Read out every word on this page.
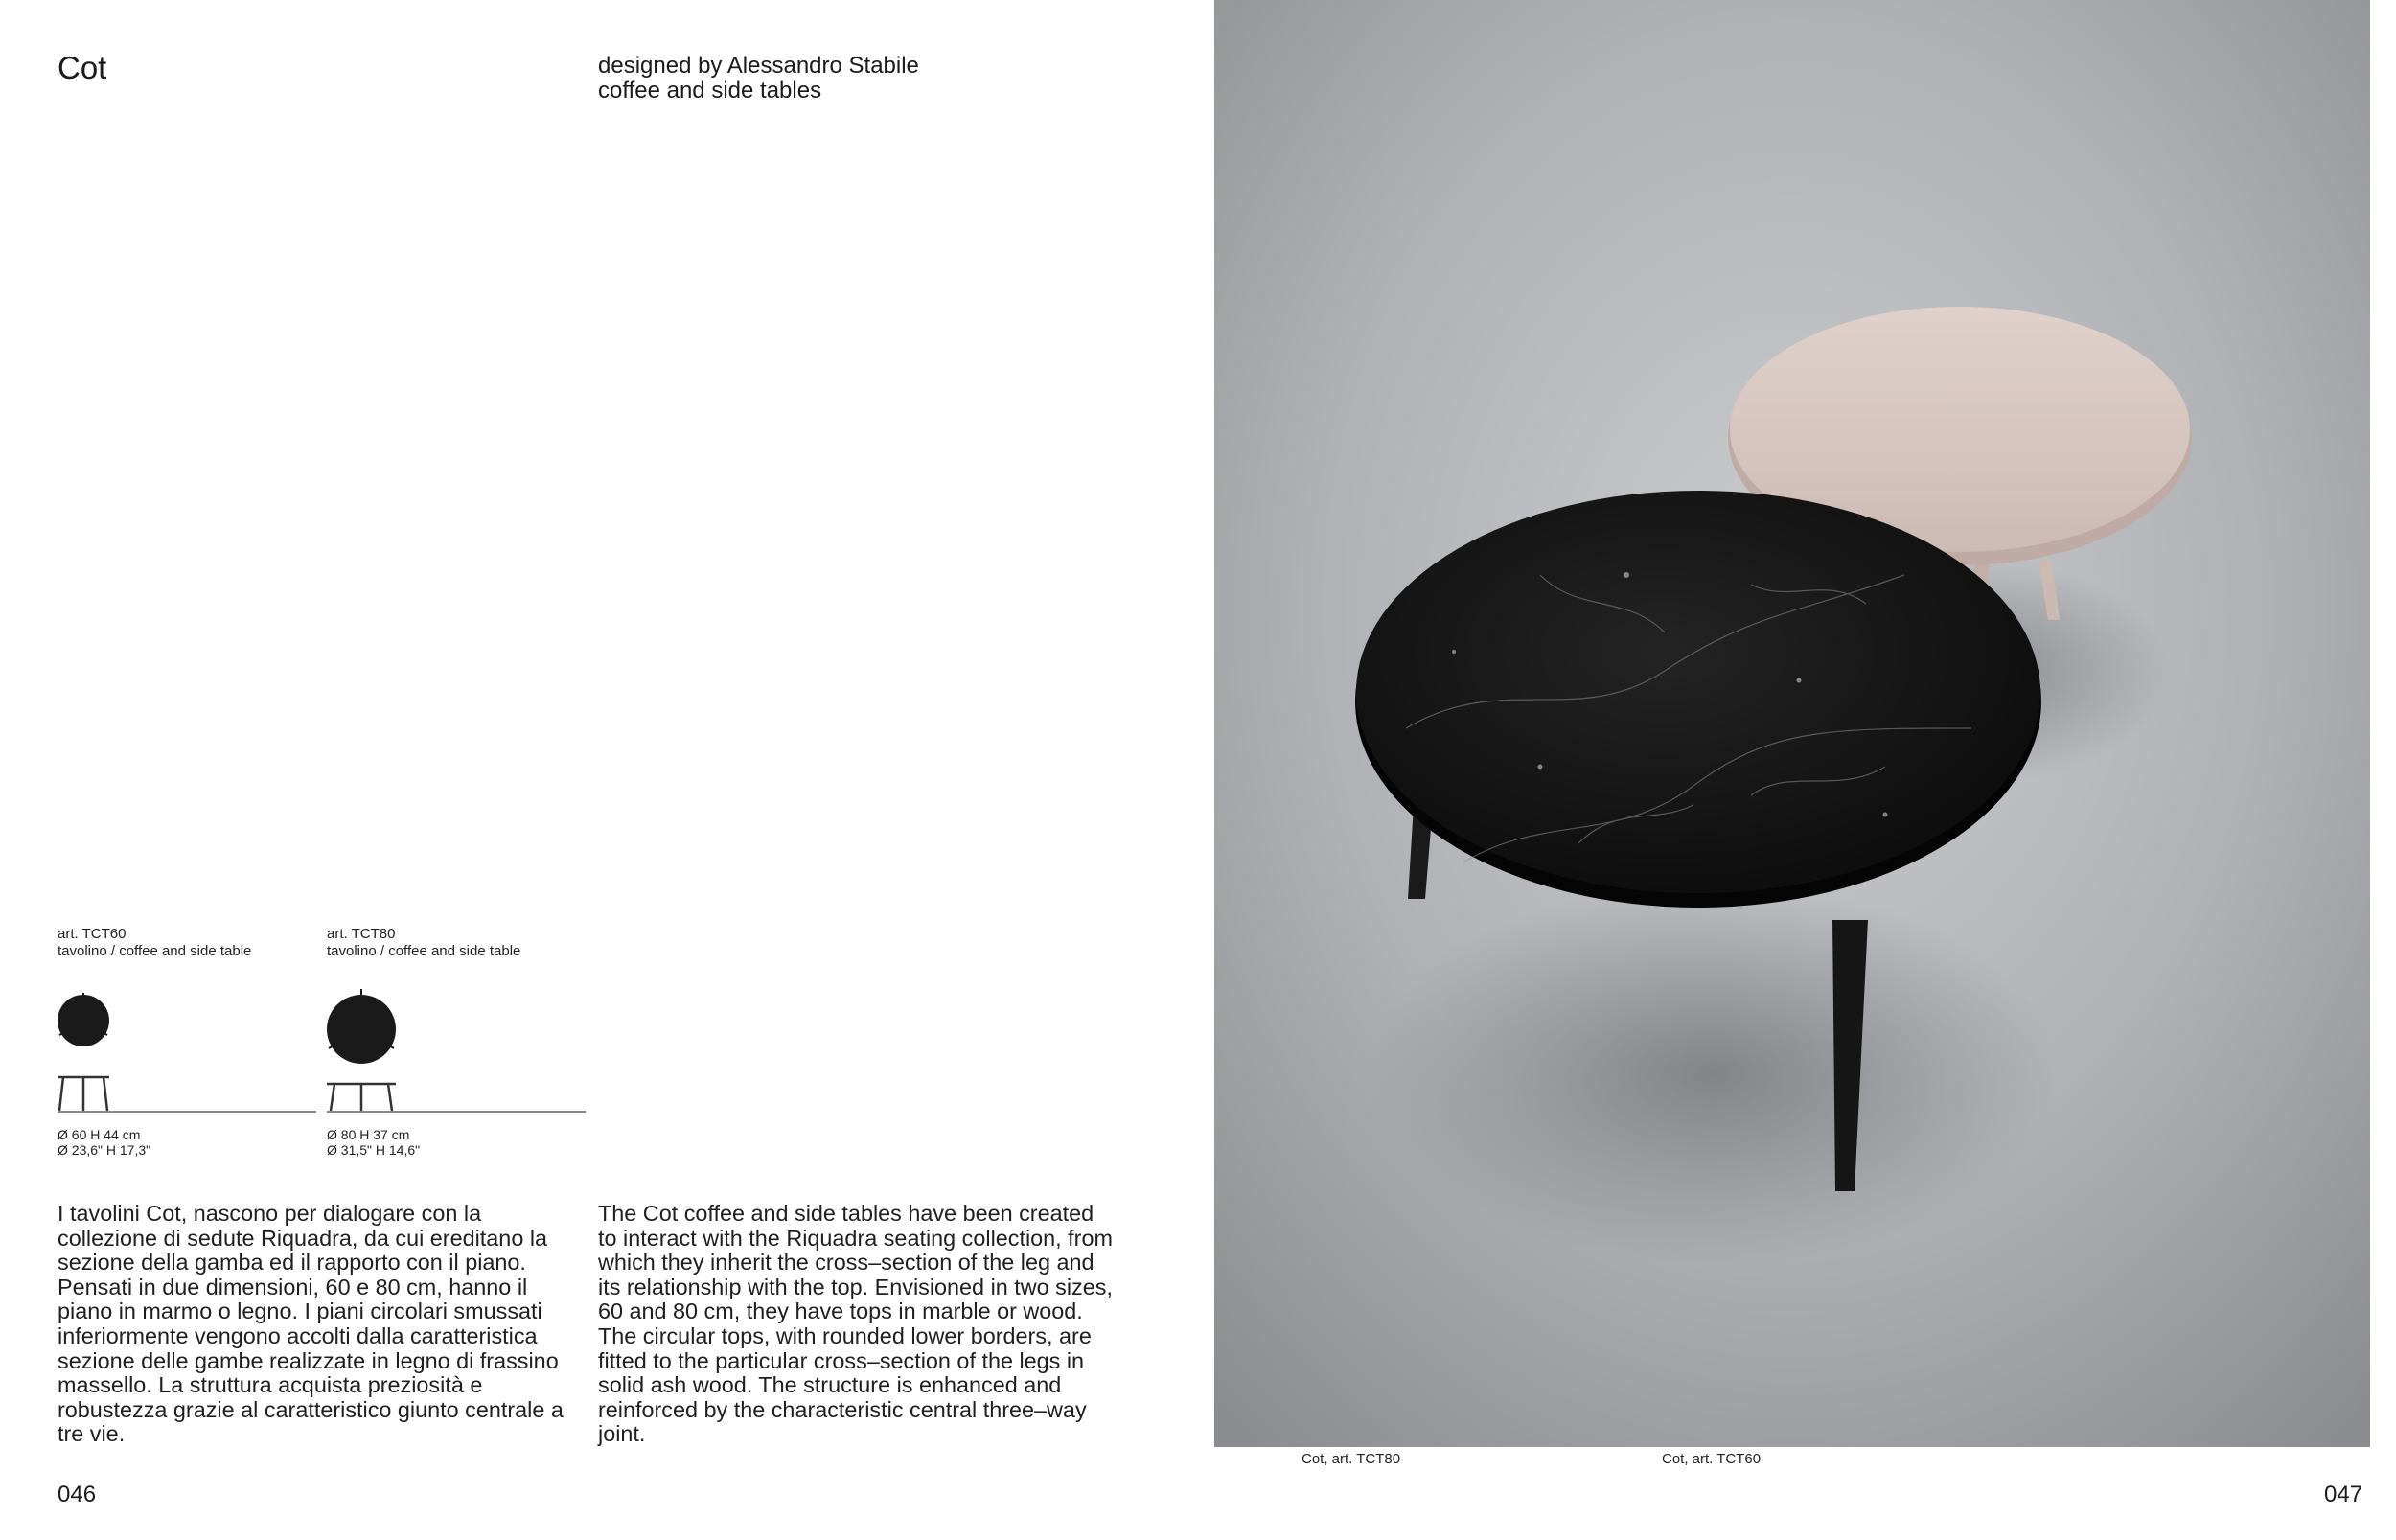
Cot	designed by Alessandro Stabile
coffee and side tables
art. TCT60
tavolino / coffee and side table
Ø 60 H 44 cm
Ø 23,6" H 17,3"
art. TCT80
tavolino / coffee and side table
Ø 80 H 37 cm
Ø 31,5" H 14,6"

I tavolini Cot, nascono per dialogare con la collezione di sedute Riquadra, da cui ereditano la sezione della gamba ed il rapporto con il piano. Pensati in due dimensioni, 60 e 80 cm, hanno il piano in marmo o legno. I piani circolari smussati inferiormente vengono accolti dalla caratteristica sezione delle gambe realizzate in legno di frassino massello. La struttura acquista preziosità e robustezza grazie al caratteristico giunto centrale a tre vie.

The Cot coffee and side tables have been created to interact with the Riquadra seating collection, from which they inherit the cross–section of the leg and its relationship with the top. Envisioned in two sizes, 60 and 80 cm, they have tops in marble or wood. The circular tops, with rounded lower borders, are fitted to the particular cross–section of the legs in solid ash wood. The structure is enhanced and reinforced by the characteristic central three–way joint.

046	047
Cot, art. TCT80	Cot, art. TCT60
